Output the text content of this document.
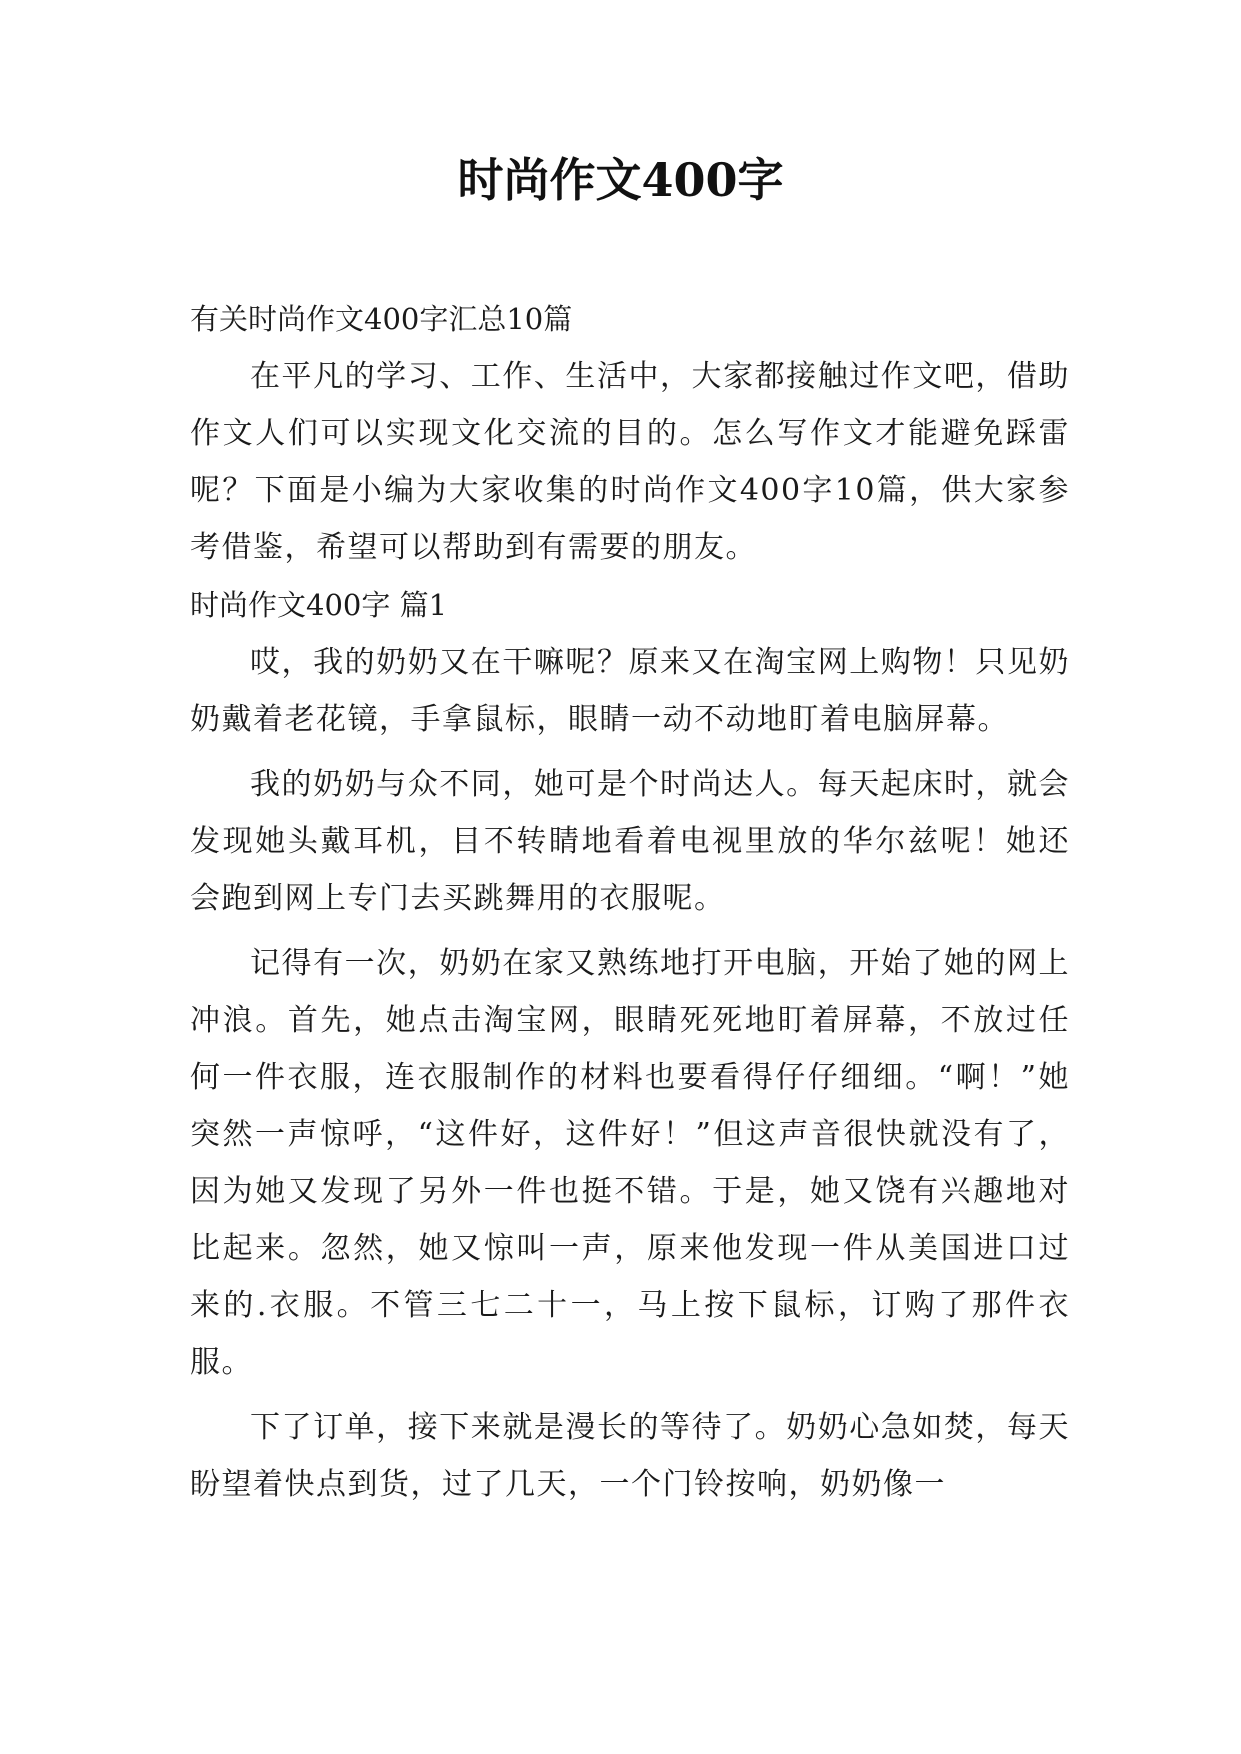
时尚作文400字
有关时尚作文400字汇总10篇

在平凡的学习、工作、生活中，大家都接触过作文吧，借助作文人们可以实现文化交流的目的。怎么写作文才能避免踩雷呢？下面是小编为大家收集的时尚作文400字10篇，供大家参考借鉴，希望可以帮助到有需要的朋友。

时尚作文400字 篇1

哎，我的奶奶又在干嘛呢？原来又在淘宝网上购物！只见奶奶戴着老花镜，手拿鼠标，眼睛一动不动地盯着电脑屏幕。

我的奶奶与众不同，她可是个时尚达人。每天起床时，就会发现她头戴耳机，目不转睛地看着电视里放的华尔兹呢！她还会跑到网上专门去买跳舞用的衣服呢。

记得有一次，奶奶在家又熟练地打开电脑，开始了她的网上冲浪。首先，她点击淘宝网，眼睛死死地盯着屏幕，不放过任何一件衣服，连衣服制作的材料也要看得仔仔细细。“啊！”她突然一声惊呼，“这件好，这件好！”但这声音很快就没有了，因为她又发现了另外一件也挺不错。于是，她又饶有兴趣地对比起来。忽然，她又惊叫一声，原来他发现一件从美国进口过来的.衣服。不管三七二十一，马上按下鼠标，订购了那件衣服。

下了订单，接下来就是漫长的等待了。奶奶心急如焚，每天盼望着快点到货，过了几天，一个门铃按响，奶奶像一
